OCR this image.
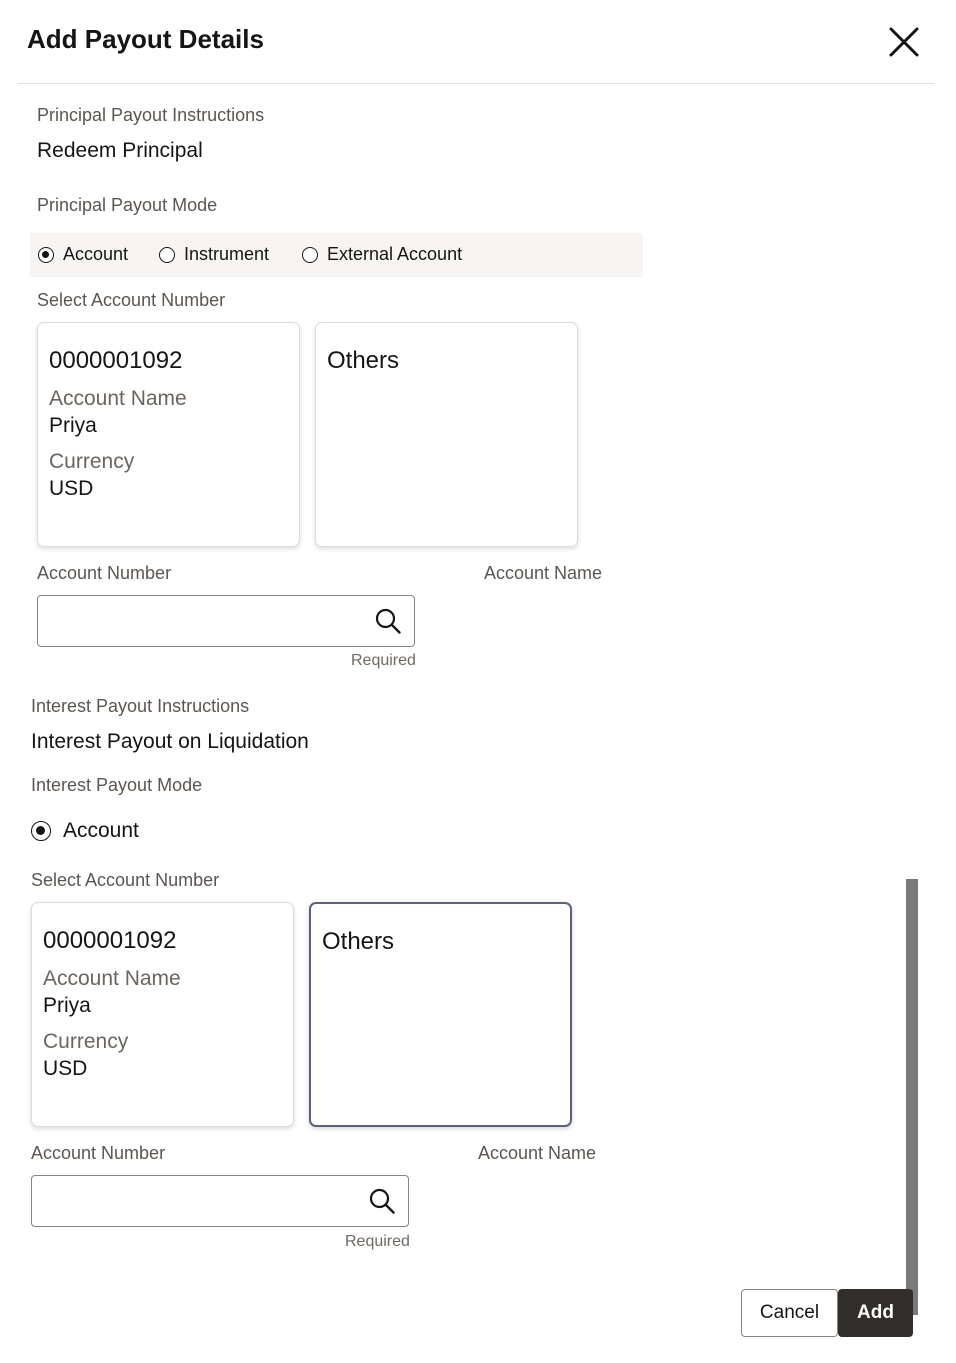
Add Payout Details
Principal Payout Instructions
Redeem Principal
Principal Payout Mode
Account	Instrument	External Account
Select Account Number
0000001092
Account Name
Priya
Currency
USD
Others
Account Number	Account Name
Required
Interest Payout Instructions
Interest Payout on Liquidation
Interest Payout Mode
Account
Select Account Number
0000001092
Account Name
Priya
Currency
USD
Others
Account Number	Account Name
Required
Cancel	Add
